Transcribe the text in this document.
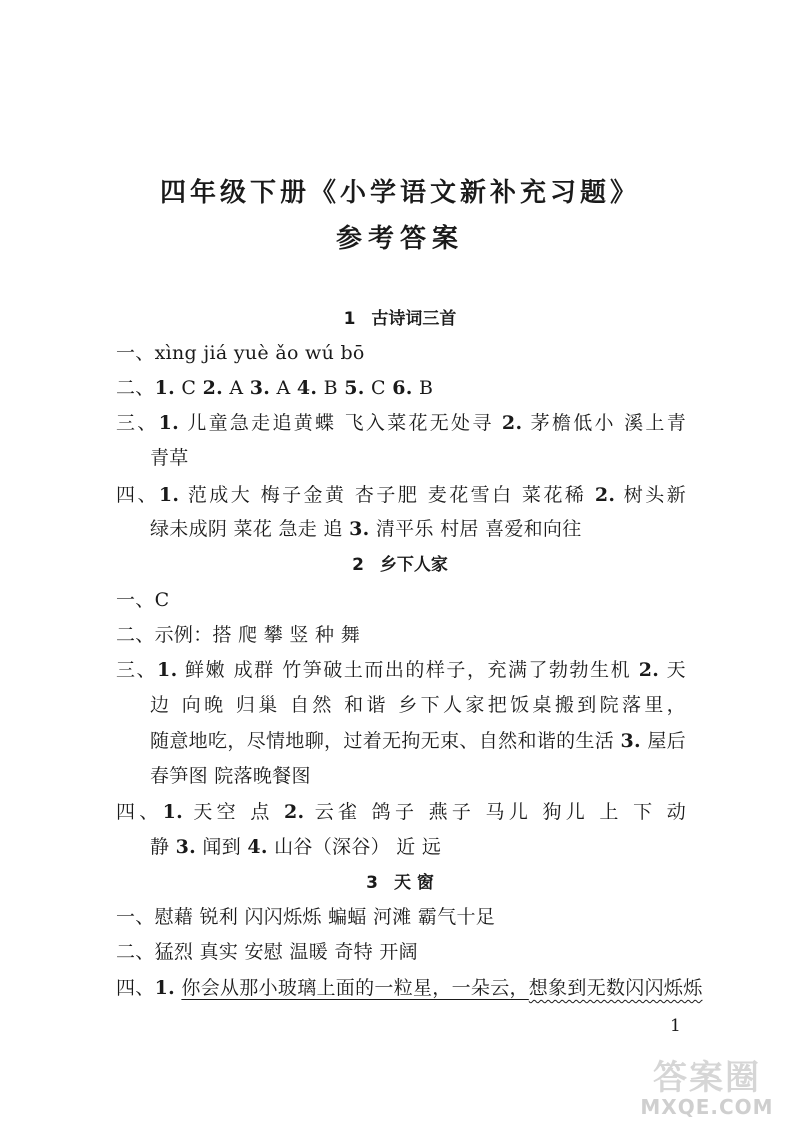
四年级下册《小学语文新补充习题》
参考答案
1 古诗词三首
一、xìng jiá yuè ǎo wú bō
二、1. C 2. A 3. A 4. B 5. C 6. B
三、1. 儿童急走追黄蝶 飞入菜花无处寻 2. 茅檐低小 溪上青
青草
四、1. 范成大 梅子金黄 杏子肥 麦花雪白 菜花稀 2. 树头新
绿未成阴 菜花 急走 追 3. 清平乐 村居 喜爱和向往
2 乡下人家
一、C
二、示例：搭 爬 攀 竖 种 舞
三、1. 鲜嫩 成群 竹笋破土而出的样子，充满了勃勃生机 2. 天
边 向晚 归巢 自然 和谐 乡下人家把饭桌搬到院落里，
随意地吃，尽情地聊，过着无拘无束、自然和谐的生活 3. 屋后
春笋图 院落晚餐图
四、1. 天空 点 2. 云雀 鸽子 燕子 马儿 狗儿 上 下 动
静 3. 闻到 4. 山谷（深谷） 近 远
3 天 窗
一、慰藉 锐利 闪闪烁烁 蝙蝠 河滩 霸气十足
二、猛烈 真实 安慰 温暖 奇特 开阔
四、1. 你会从那小玻璃上面的一粒星，一朵云，想象到无数闪闪烁烁
1
答案圈
MXQE.COM
